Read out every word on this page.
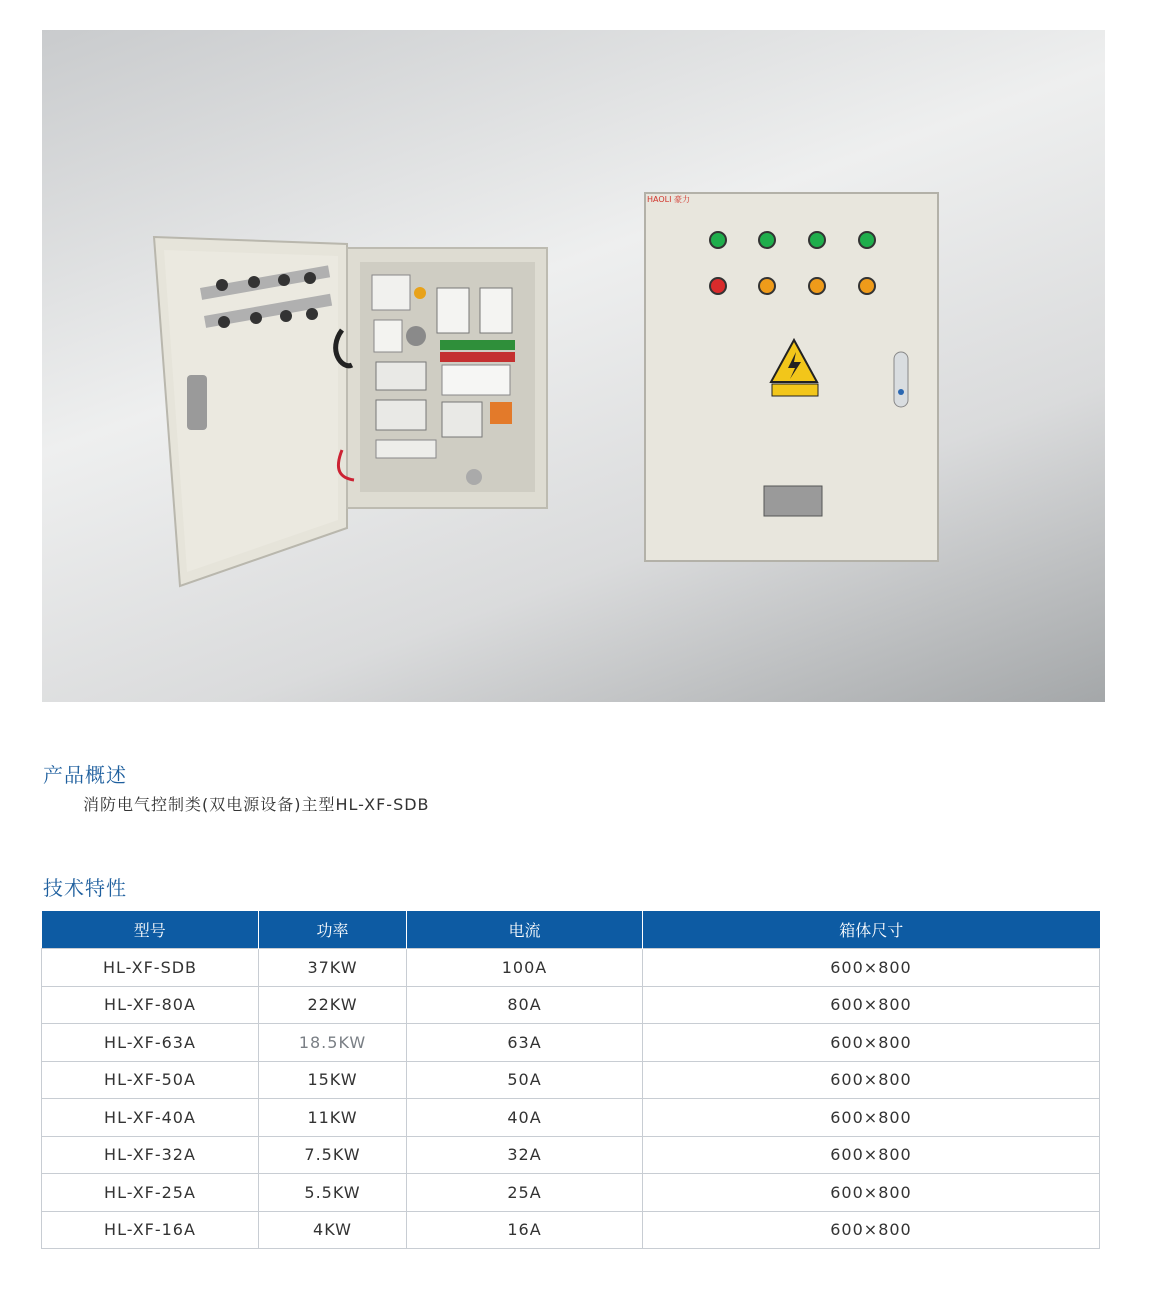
HAOLI 豪力
产品概述
消防电气控制类(双电源设备)主型HL-XF-SDB
技术特性
型号	功率	电流	箱体尺寸
HL-XF-SDB	37KW	100A	600×800
HL-XF-80A	22KW	80A	600×800
HL-XF-63A	18.5KW	63A	600×800
HL-XF-50A	15KW	50A	600×800
HL-XF-40A	11KW	40A	600×800
HL-XF-32A	7.5KW	32A	600×800
HL-XF-25A	5.5KW	25A	600×800
HL-XF-16A	4KW	16A	600×800
